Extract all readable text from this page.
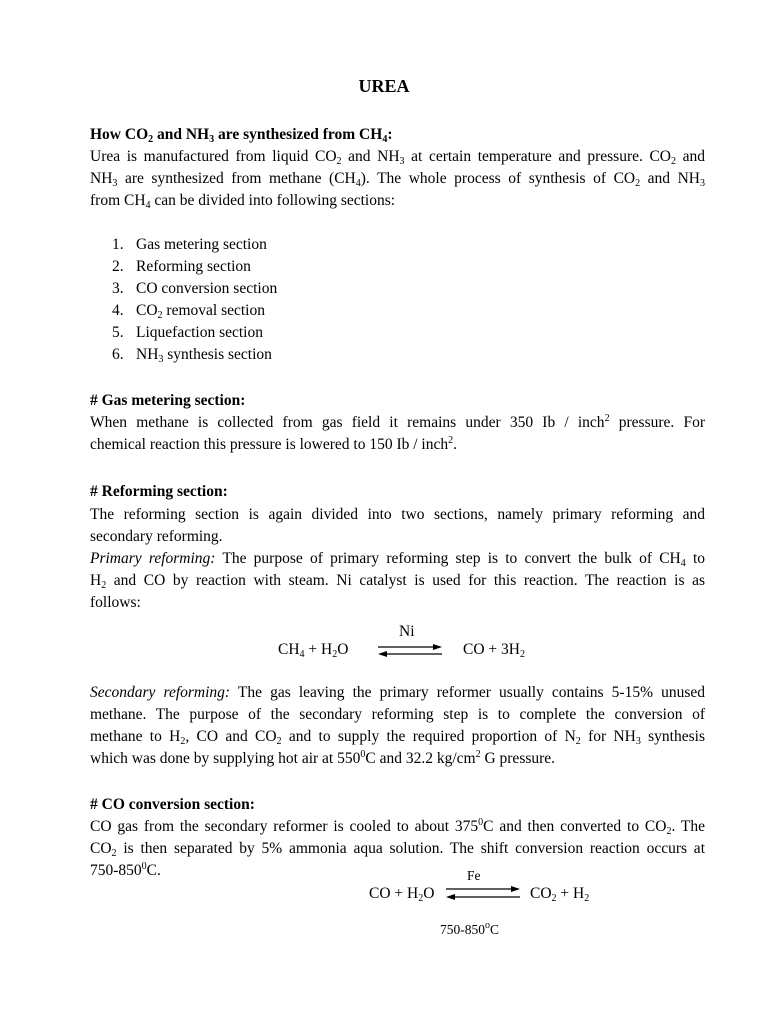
UREA
How $CO_2$ and $NH_3$ are synthesized from $CH_4$:
Urea is manufactured from liquid $CO_2$ and $NH_3$ at certain temperature and pressure. $CO_2$ and
$NH_3$ are synthesized from methane $(CH_4)$. The whole process of synthesis of $CO_2$ and $NH_3$
from $CH_4$ can be divided into following sections:
1. Gas metering section
2. Reforming section
3. CO conversion section
4. $CO_2$ removal section
5. Liquefaction section
6. $NH_3$ synthesis section
# Gas metering section:
When methane is collected from gas field it remains under 350 Ib / inch$^2$ pressure. For
chemical reaction this pressure is lowered to 150 Ib / inch$^2$.
# Reforming section:
The reforming section is again divided into two sections, namely primary reforming and
secondary reforming.
Primary reforming: The purpose of primary reforming step is to convert the bulk of $CH_4$ to
$H_2$ and CO by reaction with steam. Ni catalyst is used for this reaction. The reaction is as
follows:
Ni
$CH_4 + H_2O$	CO + $3H_2$
Secondary reforming: The gas leaving the primary reformer usually contains 5-15% unused
methane. The purpose of the secondary reforming step is to complete the conversion of
methane to $H_2$, CO and $CO_2$ and to supply the required proportion of $N_2$ for $NH_3$ synthesis
which was done by supplying hot air at $550^0C$ and 32.2 $kg/cm^2$ G pressure.
# CO conversion section:
CO gas from the secondary reformer is cooled to about $375^0C$ and then converted to $CO_2$. The
$CO_2$ is then separated by 5% ammonia aqua solution. The shift conversion reaction occurs at
$750-850^0C$.	Fe
CO + $H_2O$	$CO_2 + H_2$
750-850$^o$C
